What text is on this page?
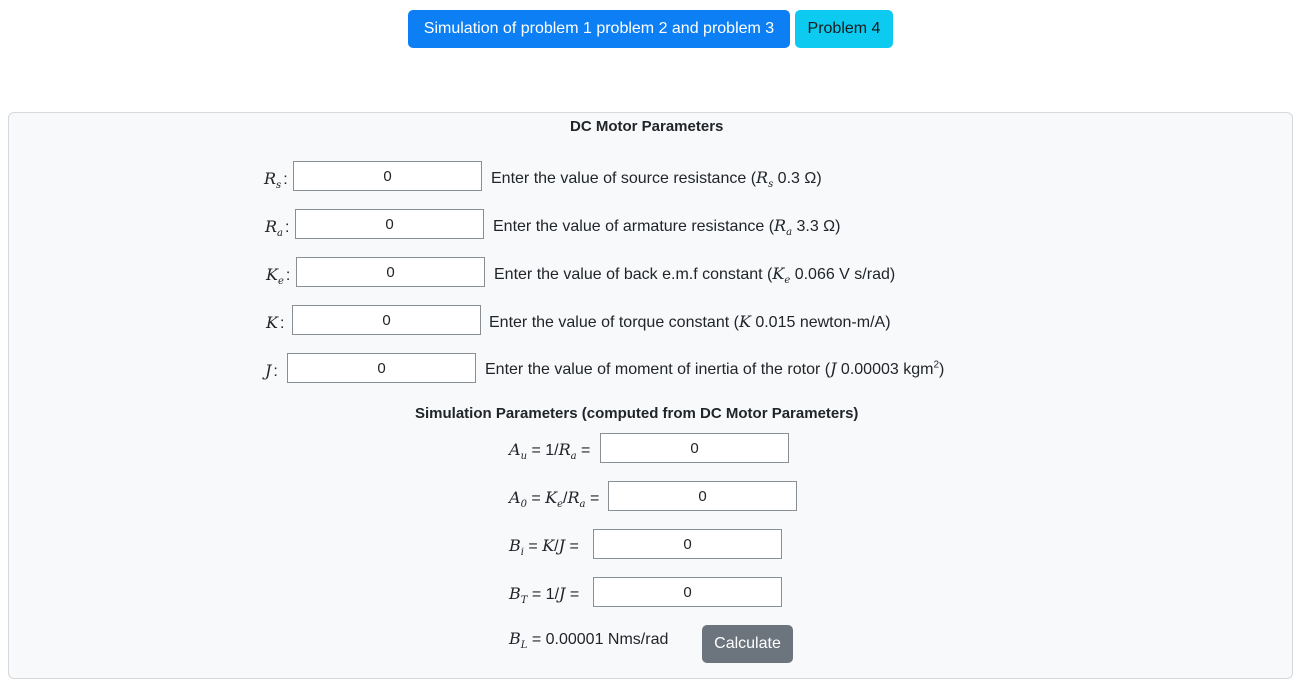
Simulation of problem 1 problem 2 and problem 3	Problem 4
DC Motor Parameters
$R_s$ :
0	Enter the value of source resistance ($R_s$ 0.3 Ω)
$R_a$ :
0	Enter the value of armature resistance ($R_a$ 3.3 Ω)
$K_e$ :
0	Enter the value of back e.m.f constant ($K_e$ 0.066 V s/rad)
K :
0	Enter the value of torque constant (K 0.015 newton-m/A)
J :
0	Enter the value of moment of inertia of the rotor (J 0.00003 kgm$^2$)
Simulation Parameters (computed from DC Motor Parameters)
$A_u = 1/R_a$ =
0
$A_0 = K_e/R_a$ =
0
$B_i = K/J$ =
0
$B_T = 1/J$ =
0
$B_L = 0.00001$ Nms/rad	Calculate
